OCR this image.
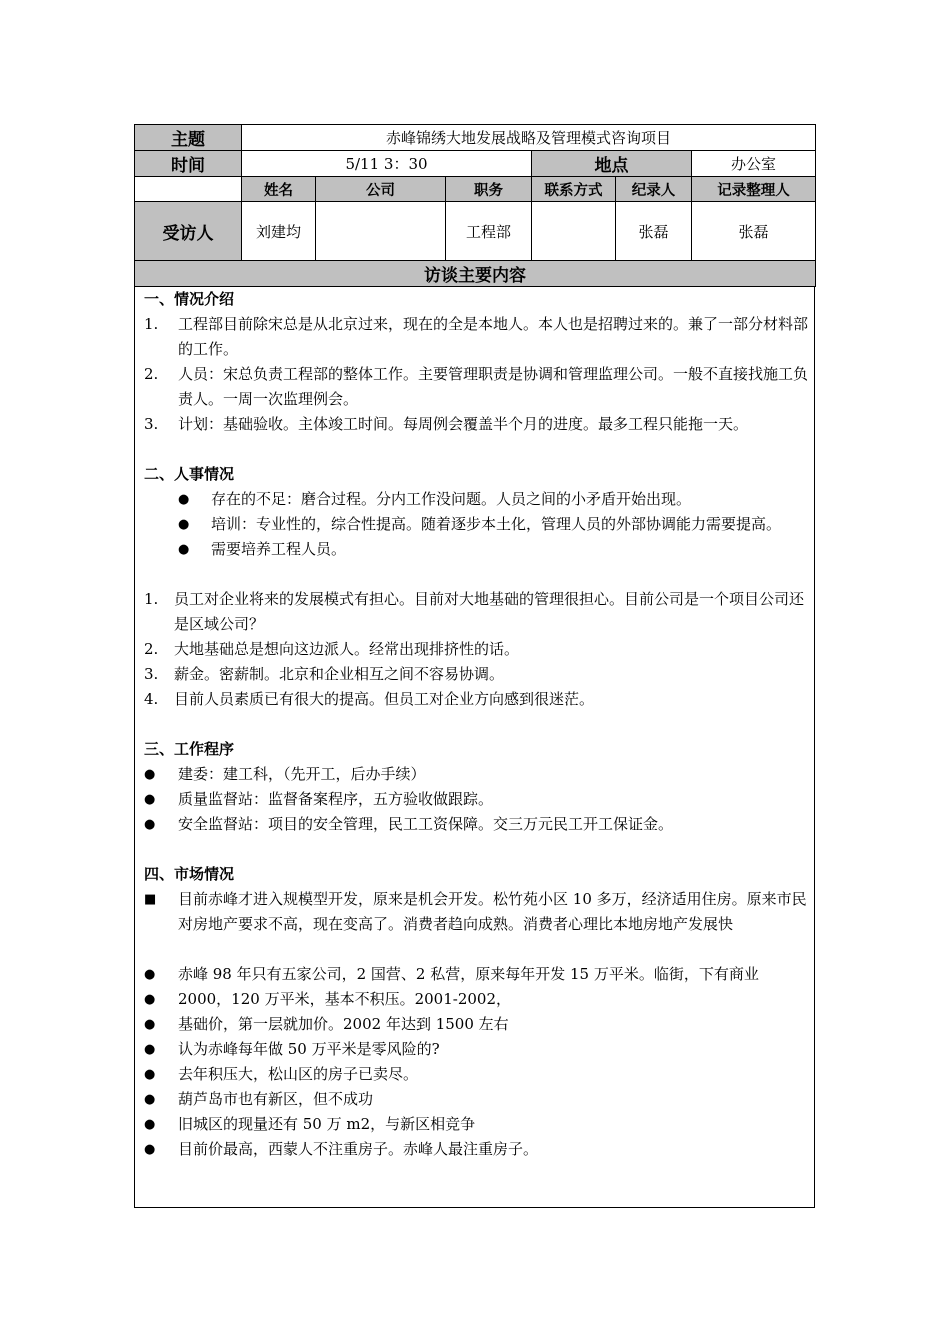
主题	赤峰锦绣大地发展战略及管理模式咨询项目					
时间	5/11 3：30			地点		办公室
	姓名	公司	职务	联系方式	纪录人	记录整理人
受访人	刘建均		工程部		张磊	张磊
访谈主要内容						
一、情况介绍
1. 工程部目前除宋总是从北京过来，现在的全是本地人。本人也是招聘过来的。兼了一部分材料部的工作。
2. 人员：宋总负责工程部的整体工作。主要管理职责是协调和管理监理公司。一般不直接找施工负责人。一周一次监理例会。
3. 计划：基础验收。主体竣工时间。每周例会覆盖半个月的进度。最多工程只能拖一天。
二、人事情况
● 存在的不足：磨合过程。分内工作没问题。人员之间的小矛盾开始出现。
● 培训：专业性的，综合性提高。随着逐步本土化，管理人员的外部协调能力需要提高。
● 需要培养工程人员。
1. 员工对企业将来的发展模式有担心。目前对大地基础的管理很担心。目前公司是一个项目公司还是区域公司？
2. 大地基础总是想向这边派人。经常出现排挤性的话。
3. 薪金。密薪制。北京和企业相互之间不容易协调。
4. 目前人员素质已有很大的提高。但员工对企业方向感到很迷茫。
三、工作程序
● 建委：建工科，（先开工，后办手续）
● 质量监督站：监督备案程序，五方验收做跟踪。
● 安全监督站：项目的安全管理，民工工资保障。交三万元民工开工保证金。
四、市场情况
■ 目前赤峰才进入规模型开发，原来是机会开发。松竹苑小区 10 多万，经济适用住房。原来市民对房地产要求不高，现在变高了。消费者趋向成熟。消费者心理比本地房地产发展快
● 赤峰 98 年只有五家公司，2 国营、2 私营，原来每年开发 15 万平米。临街，下有商业
● 2000，120 万平米，基本不积压。2001-2002，
● 基础价，第一层就加价。2002 年达到 1500 左右
● 认为赤峰每年做 50 万平米是零风险的?
● 去年积压大，松山区的房子已卖尽。
● 葫芦岛市也有新区，但不成功
● 旧城区的现量还有 50 万 m2，与新区相竞争
● 目前价最高，西蒙人不注重房子。赤峰人最注重房子。
